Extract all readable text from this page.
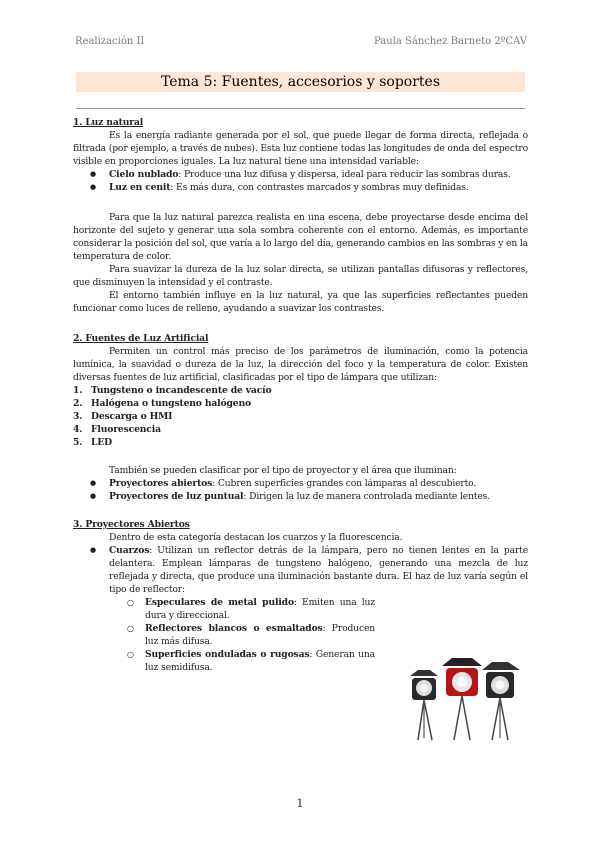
Realización II	Paula Sánchez Barneto 2ºCAV
Tema 5: Fuentes, accesorios y soportes
1. Luz natural

Es la energía radiante generada por el sol, que puede llegar de forma directa, reflejada o filtrada (por ejemplo, a través de nubes). Esta luz contiene todas las longitudes de onda del espectro visible en proporciones iguales. La luz natural tiene una intensidad variable:

● Cielo nublado: Produce una luz difusa y dispersa, ideal para reducir las sombras duras.
● Luz en cenit: Es más dura, con contrastes marcados y sombras muy definidas.

Para que la luz natural parezca realista en una escena, debe proyectarse desde encima del horizonte del sujeto y generar una sola sombra coherente con el entorno. Además, es importante considerar la posición del sol, que varía a lo largo del día, generando cambios en las sombras y en la temperatura de color.

Para suavizar la dureza de la luz solar directa, se utilizan pantallas difusoras y reflectores, que disminuyen la intensidad y el contraste.

El entorno también influye en la luz natural, ya que las superficies reflectantes pueden funcionar como luces de relleno, ayudando a suavizar los contrastes.

2. Fuentes de Luz Artificial

Permiten un control más preciso de los parámetros de iluminación, como la potencia lumínica, la suavidad o dureza de la luz, la dirección del foco y la temperatura de color. Existen diversas fuentes de luz artificial, clasificadas por el tipo de lámpara que utilizan:

1. Tungsteno o incandescente de vacío
2. Halógena o tungsteno halógeno
3. Descarga o HMI
4. Fluorescencia
5. LED

También se pueden clasificar por el tipo de proyector y el área que iluminan:

● Proyectores abiertos: Cubren superficies grandes con lámparas al descubierto.
● Proyectores de luz puntual: Dirigen la luz de manera controlada mediante lentes.
3. Proyectores Abiertos

Dentro de esta categoría destacan los cuarzos y la fluorescencia.

● Cuarzos: Utilizan un reflector detrás de la lámpara, pero no tienen lentes en la parte delantera. Emplean lámparas de tungsteno halógeno, generando una mezcla de luz reflejada y directa, que produce una iluminación bastante dura. El haz de luz varía según el tipo de reflector:
○ Especulares de metal pulido: Emiten una luz dura y direccional.
○ Reflectores blancos o esmaltados: Producen luz más difusa.
○ Superficies onduladas o rugosas: Generan una luz semidifusa.
1
